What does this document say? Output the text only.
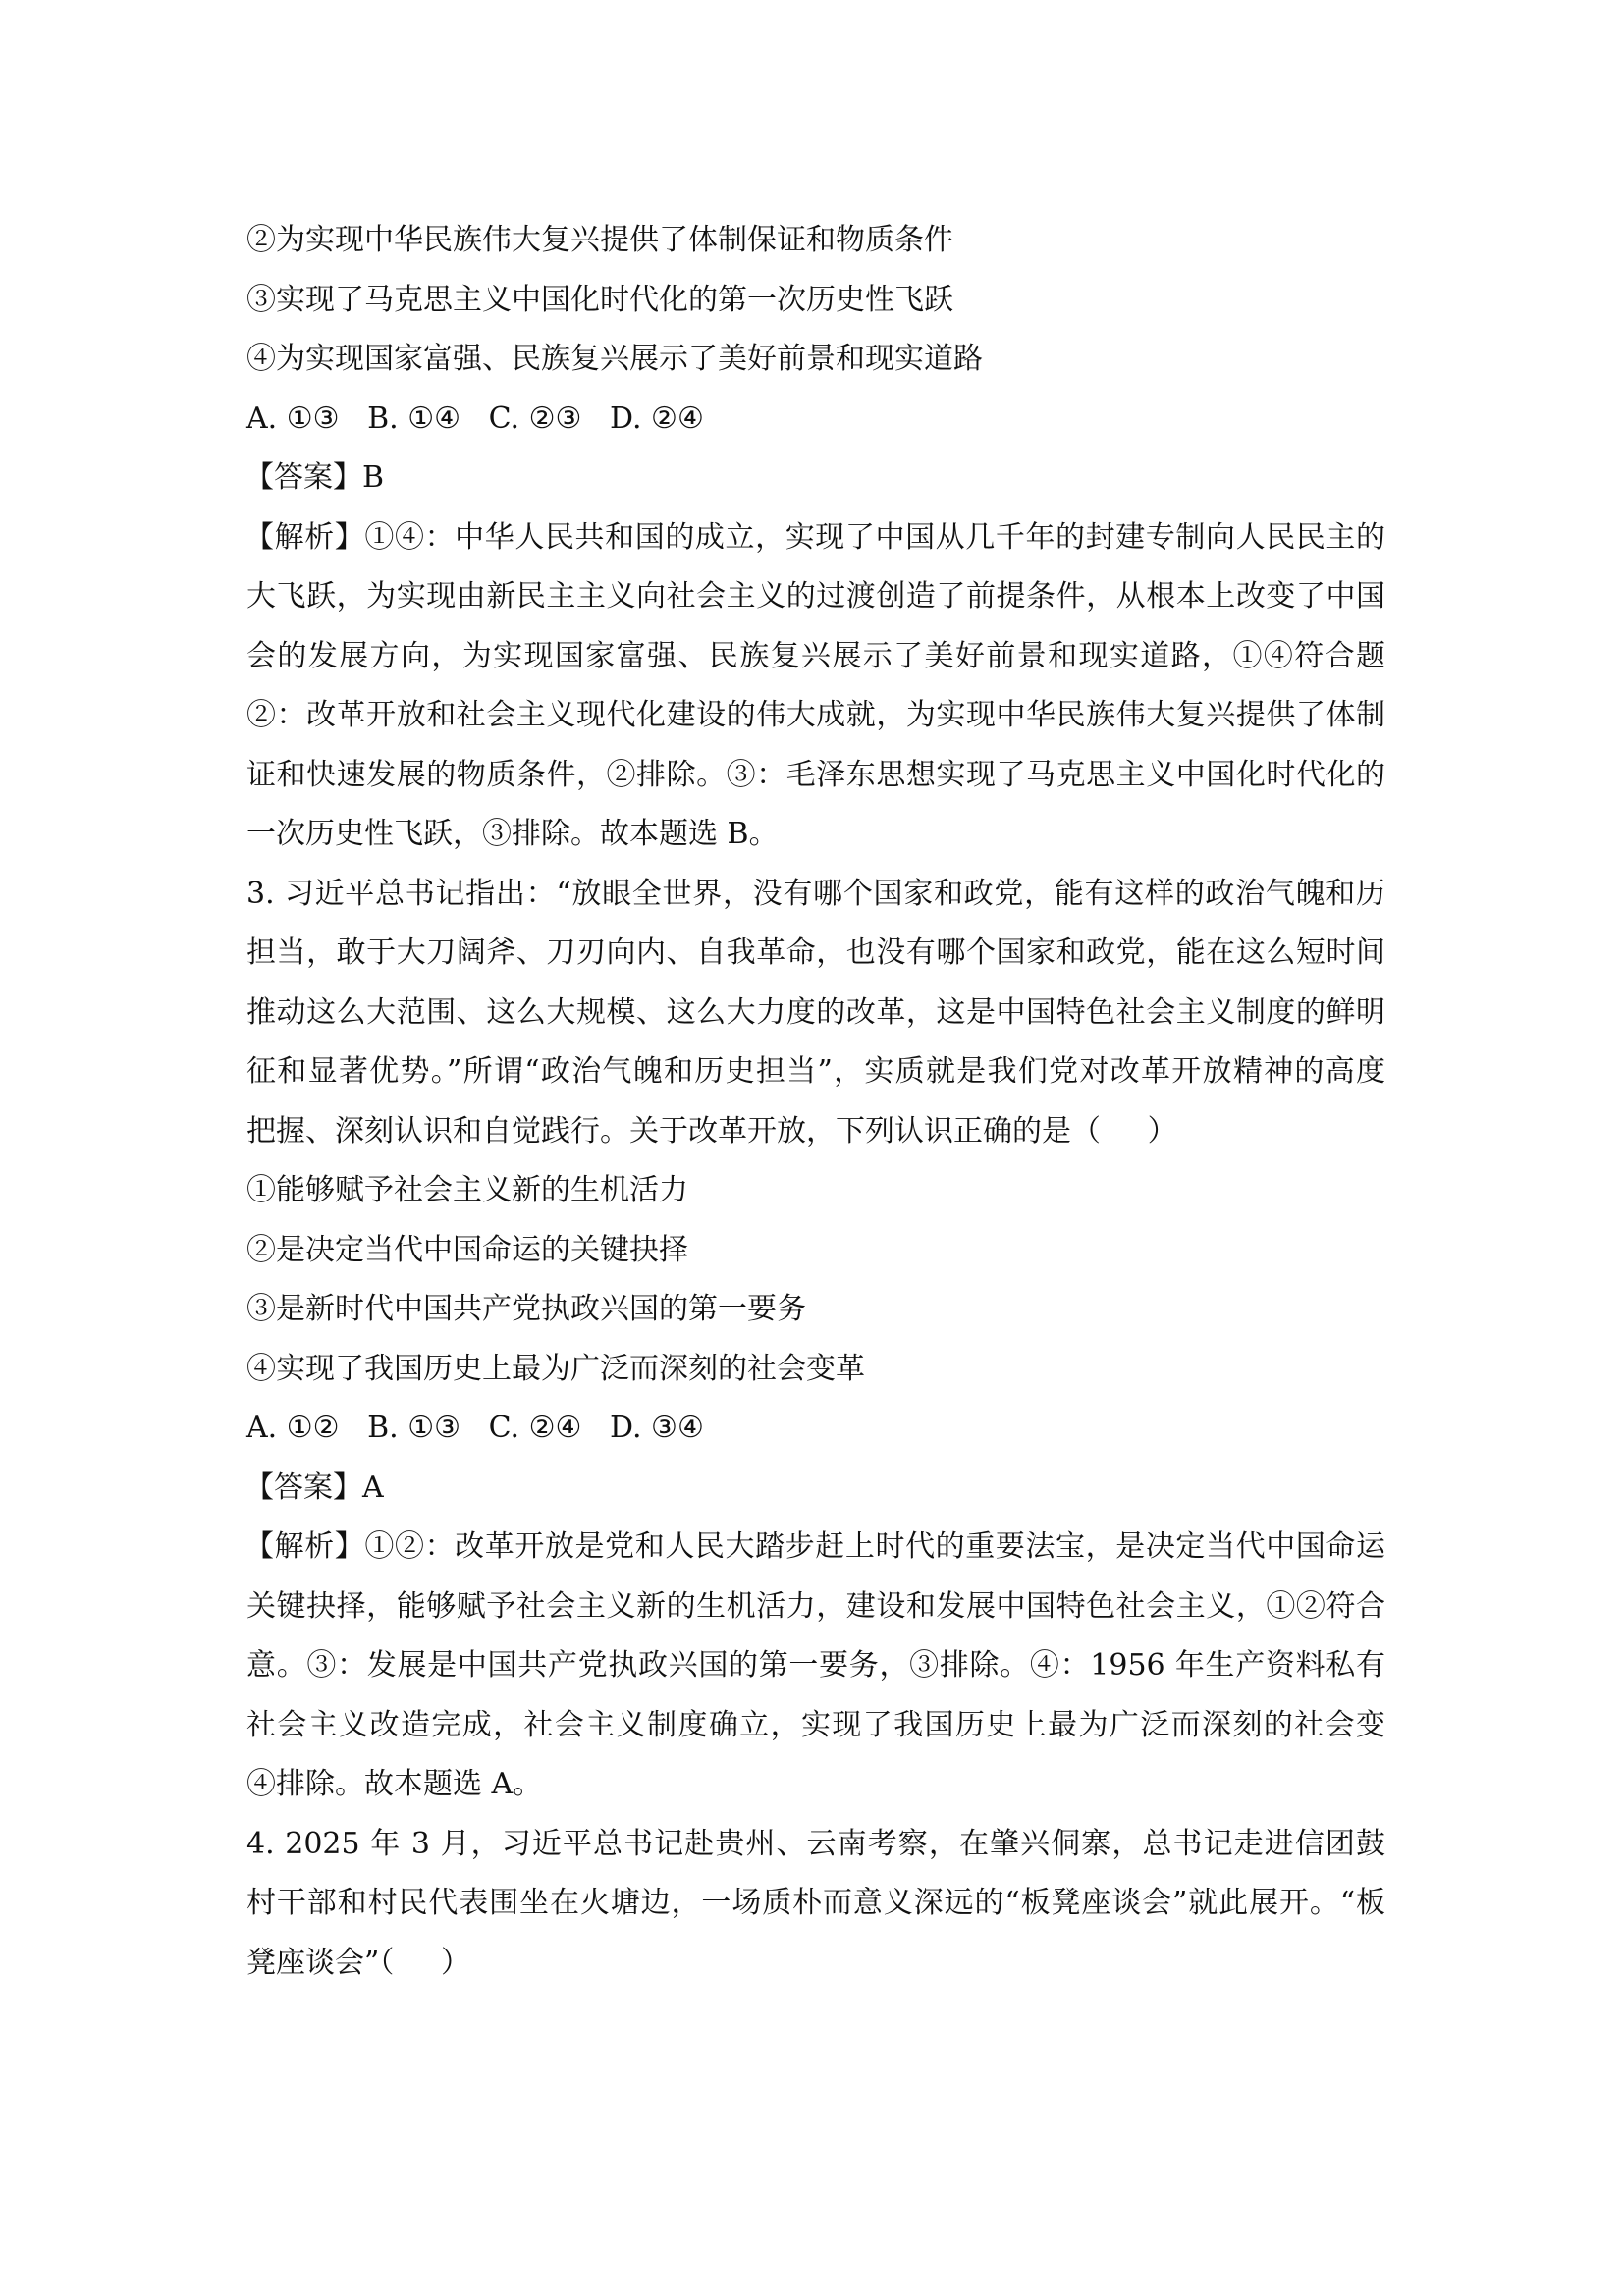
②为实现中华民族伟大复兴提供了体制保证和物质条件
③实现了马克思主义中国化时代化的第一次历史性飞跃
④为实现国家富强、民族复兴展示了美好前景和现实道路
A. ①③   B. ①④   C. ②③   D. ②④
【答案】B
【解析】①④：中华人民共和国的成立，实现了中国从几千年的封建专制向人民民主的
大飞跃，为实现由新民主主义向社会主义的过渡创造了前提条件，从根本上改变了中国
会的发展方向，为实现国家富强、民族复兴展示了美好前景和现实道路，①④符合题
②：改革开放和社会主义现代化建设的伟大成就，为实现中华民族伟大复兴提供了体制
证和快速发展的物质条件，②排除。③：毛泽东思想实现了马克思主义中国化时代化的
一次历史性飞跃，③排除。故本题选 B。
3. 习近平总书记指出：“放眼全世界，没有哪个国家和政党，能有这样的政治气魄和历
担当，敢于大刀阔斧、刀刃向内、自我革命，也没有哪个国家和政党，能在这么短时间
推动这么大范围、这么大规模、这么大力度的改革，这是中国特色社会主义制度的鲜明
征和显著优势。”所谓“政治气魄和历史担当”，实质就是我们党对改革开放精神的高度
把握、深刻认识和自觉践行。关于改革开放，下列认识正确的是（     ）
①能够赋予社会主义新的生机活力
②是决定当代中国命运的关键抉择
③是新时代中国共产党执政兴国的第一要务
④实现了我国历史上最为广泛而深刻的社会变革
A. ①②   B. ①③   C. ②④   D. ③④
【答案】A
【解析】①②：改革开放是党和人民大踏步赶上时代的重要法宝，是决定当代中国命运
关键抉择，能够赋予社会主义新的生机活力，建设和发展中国特色社会主义，①②符合
意。③：发展是中国共产党执政兴国的第一要务，③排除。④：1956 年生产资料私有
社会主义改造完成，社会主义制度确立，实现了我国历史上最为广泛而深刻的社会变
④排除。故本题选 A。
4. 2025 年 3 月，习近平总书记赴贵州、云南考察，在肇兴侗寨，总书记走进信团鼓
村干部和村民代表围坐在火塘边，一场质朴而意义深远的“板凳座谈会”就此展开。“板
凳座谈会”（     ）
